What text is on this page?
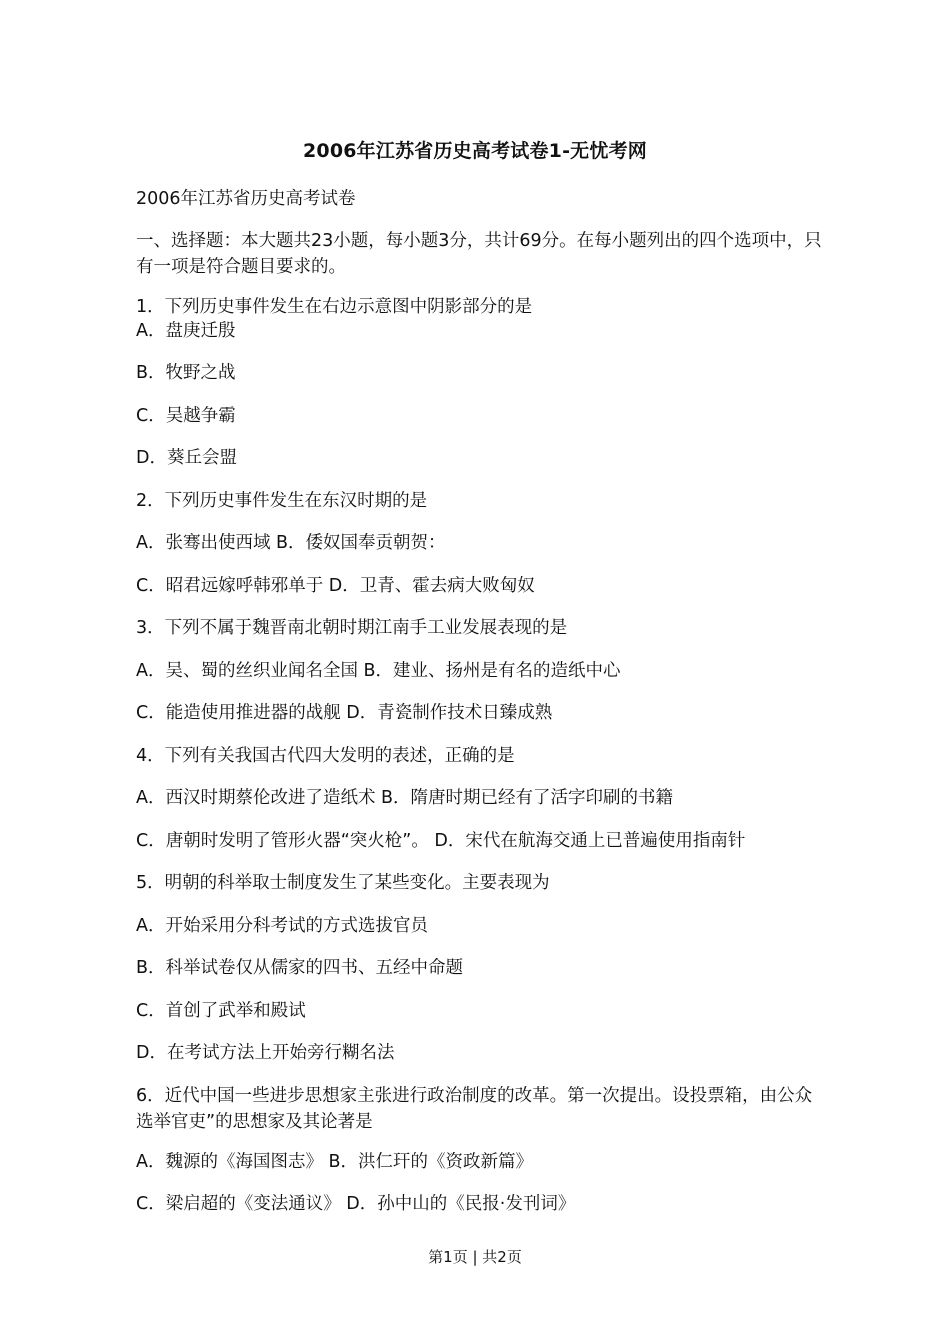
2006年江苏省历史高考试卷1-无忧考网
2006年江苏省历史高考试卷
一、选择题：本大题共23小题，每小题3分，共计69分。在每小题列出的四个选项中，只有一项是符合题目要求的。
1．下列历史事件发生在右边示意图中阴影部分的是
A．盘庚迁殷
B．牧野之战
C．吴越争霸
D．葵丘会盟
2．下列历史事件发生在东汉时期的是
A．张骞出使西域 B．倭奴国奉贡朝贺：
C．昭君远嫁呼韩邪单于 D．卫青、霍去病大败匈奴
3．下列不属于魏晋南北朝时期江南手工业发展表现的是
A．吴、蜀的丝织业闻名全国 B．建业、扬州是有名的造纸中心
C．能造使用推进器的战舰 D．青瓷制作技术日臻成熟
4．下列有关我国古代四大发明的表述，正确的是
A．西汉时期蔡伦改进了造纸术 B．隋唐时期已经有了活字印刷的书籍
C．唐朝时发明了管形火器“突火枪”。 D．宋代在航海交通上已普遍使用指南针
5．明朝的科举取士制度发生了某些变化。主要表现为
A．开始采用分科考试的方式选拔官员
B．科举试卷仅从儒家的四书、五经中命题
C．首创了武举和殿试
D．在考试方法上开始旁行糊名法
6．近代中国一些进步思想家主张进行政治制度的改革。第一次提出。设投票箱，由公众选举官吏”的思想家及其论著是
A．魏源的《海国图志》 B．洪仁玕的《资政新篇》
C．梁启超的《变法通议》 D．孙中山的《民报·发刊词》
第1页 | 共2页
